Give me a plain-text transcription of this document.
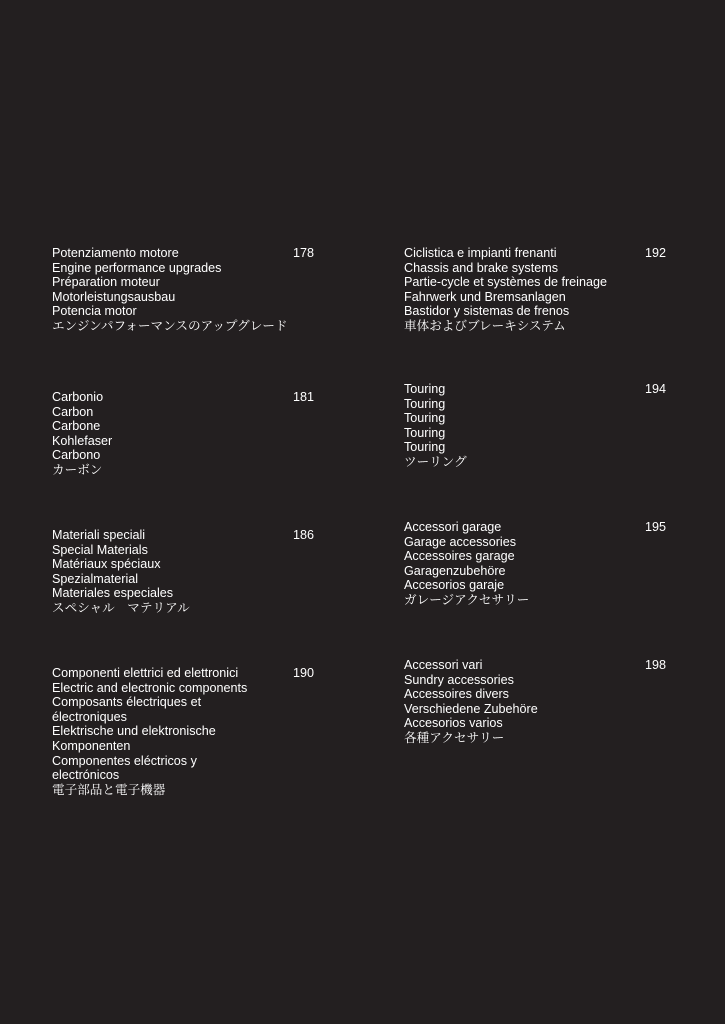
Potenziamento motore
Engine performance upgrades
Préparation moteur
Motorleistungsausbau
Potencia motor
エンジンパフォーマンスのアップグレード
178
Carbonio
Carbon
Carbone
Kohlefaser
Carbono
カーボン
181
Materiali speciali
Special Materials
Matériaux spéciaux
Spezialmaterial
Materiales especiales
スペシャル　マテリアル
186
Componenti elettrici ed elettronici
Electric and electronic components
Composants électriques et électroniques
Elektrische und elektronische Komponenten
Componentes eléctricos y electrónicos
電子部品と電子機器
190
Ciclistica e impianti frenanti
Chassis and brake systems
Partie-cycle et systèmes de freinage
Fahrwerk und Bremsanlagen
Bastidor y sistemas de frenos
車体およびブレーキシステム
192
Touring
Touring
Touring
Touring
Touring
ツーリング
194
Accessori garage
Garage accessories
Accessoires garage
Garagenzubehöre
Accesorios garaje
ガレージアクセサリー
195
Accessori vari
Sundry accessories
Accessoires divers
Verschiedene Zubehöre
Accesorios varios
各種アクセサリー
198
